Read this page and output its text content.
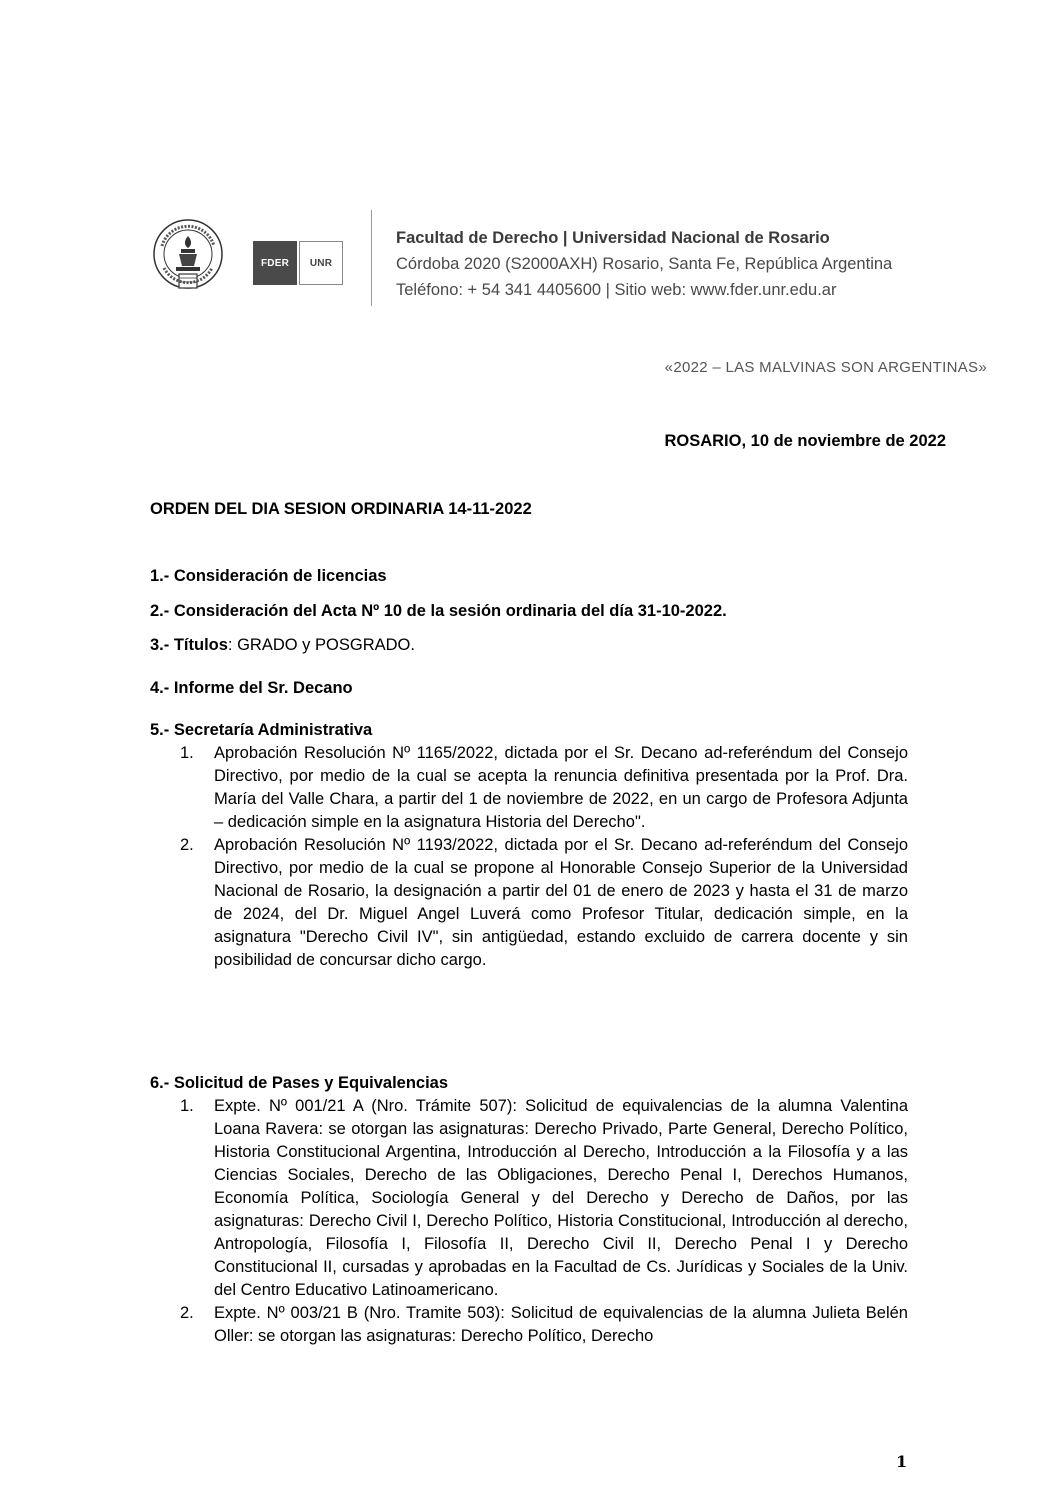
FDER UNR
Facultad de Derecho | Universidad Nacional de Rosario
Córdoba 2020 (S2000AXH) Rosario, Santa Fe, República Argentina
Teléfono: + 54 341 4405600 | Sitio web: www.fder.unr.edu.ar
«2022 – LAS MALVINAS SON ARGENTINAS»
ROSARIO, 10 de noviembre de 2022
ORDEN DEL DIA SESION ORDINARIA 14-11-2022

1.- Consideración de licencias

2.- Consideración del Acta Nº 10 de la sesión ordinaria del día 31-10-2022.

3.- Títulos: GRADO y POSGRADO.

4.- Informe del Sr. Decano

5.- Secretaría Administrativa

1. Aprobación Resolución Nº 1165/2022, dictada por el Sr. Decano ad-referéndum del Consejo Directivo, por medio de la cual se acepta la renuncia definitiva presentada por la Prof. Dra. María del Valle Chara, a partir del 1 de noviembre de 2022, en un cargo de Profesora Adjunta – dedicación simple en la asignatura Historia del Derecho".
2. Aprobación Resolución Nº 1193/2022, dictada por el Sr. Decano ad-referéndum del Consejo Directivo, por medio de la cual se propone al Honorable Consejo Superior de la Universidad Nacional de Rosario, la designación a partir del 01 de enero de 2023 y hasta el 31 de marzo de 2024, del Dr. Miguel Angel Luverá como Profesor Titular, dedicación simple, en la asignatura "Derecho Civil IV", sin antigüedad, estando excluido de carrera docente y sin posibilidad de concursar dicho cargo.

6.- Solicitud de Pases y Equivalencias

1. Expte. Nº 001/21 A (Nro. Trámite 507): Solicitud de equivalencias de la alumna Valentina Loana Ravera: se otorgan las asignaturas: Derecho Privado, Parte General, Derecho Político, Historia Constitucional Argentina, Introducción al Derecho, Introducción a la Filosofía y a las Ciencias Sociales, Derecho de las Obligaciones, Derecho Penal I, Derechos Humanos, Economía Política, Sociología General y del Derecho y Derecho de Daños, por las asignaturas: Derecho Civil I, Derecho Político, Historia Constitucional, Introducción al derecho, Antropología, Filosofía I, Filosofía II, Derecho Civil II, Derecho Penal I y Derecho Constitucional II, cursadas y aprobadas en la Facultad de Cs. Jurídicas y Sociales de la Univ. del Centro Educativo Latinoamericano.
2. Expte. Nº 003/21 B (Nro. Tramite 503): Solicitud de equivalencias de la alumna Julieta Belén Oller: se otorgan las asignaturas: Derecho Político, Derecho
1
